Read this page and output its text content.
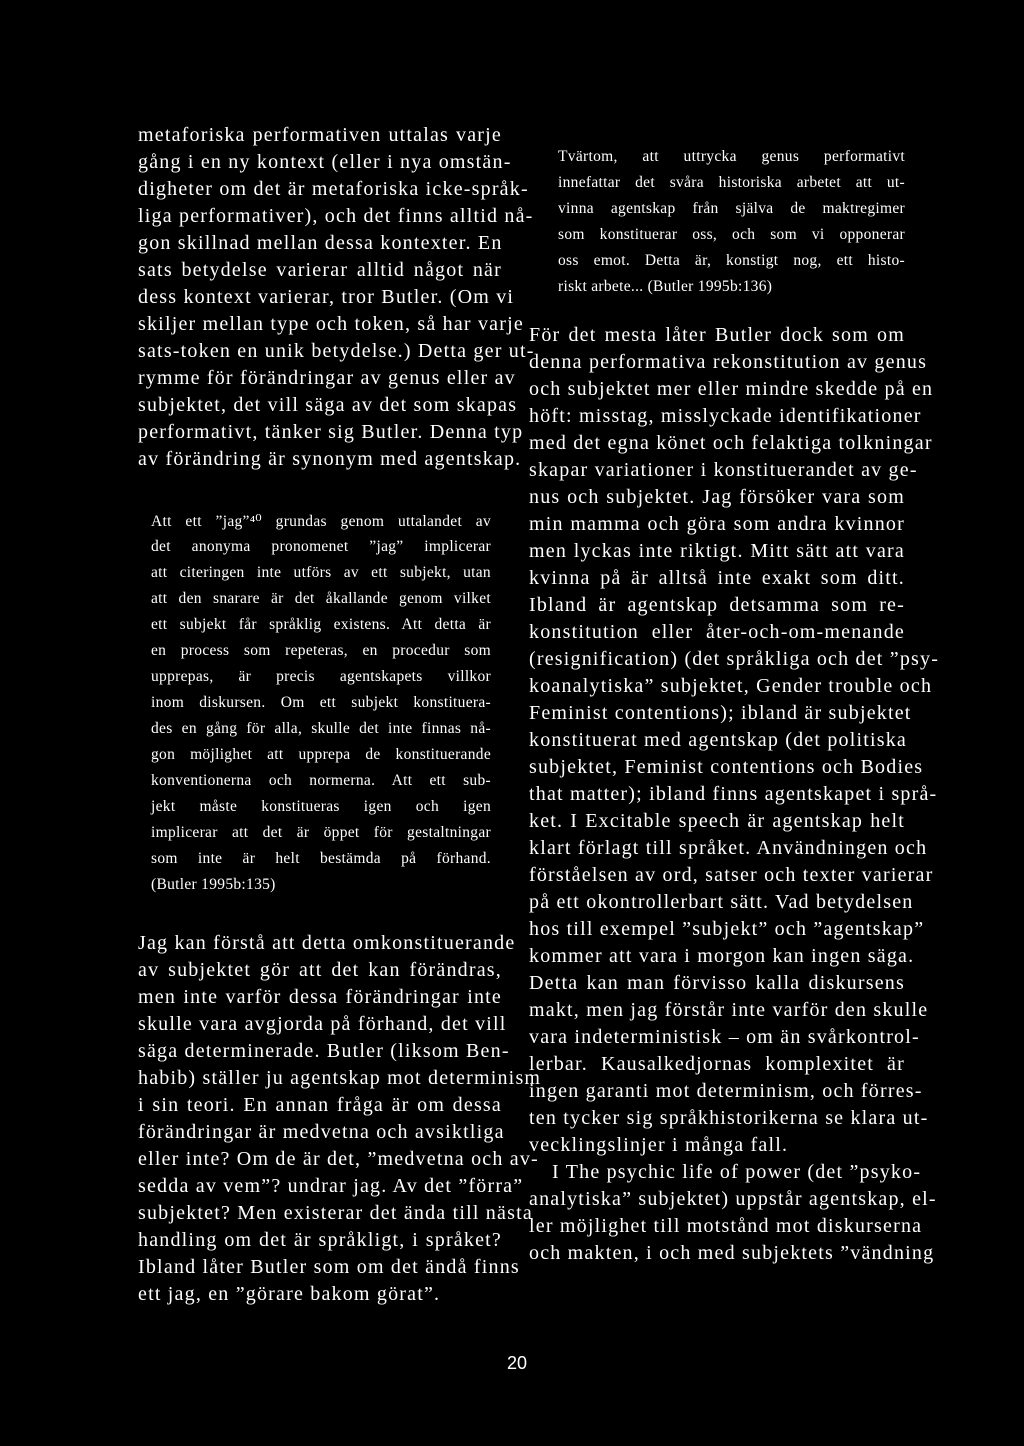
metaforiska performativen uttalas varje
gång i en ny kontext (eller i nya omstän-
digheter om det är metaforiska icke-språk-
liga performativer), och det finns alltid nå-
gon skillnad mellan dessa kontexter. En
sats betydelse varierar alltid något när
dess kontext varierar, tror Butler. (Om vi
skiljer mellan type och token, så har varje
sats-token en unik betydelse.) Detta ger ut-
rymme för förändringar av genus eller av
subjektet, det vill säga av det som skapas
performativt, tänker sig Butler. Denna typ
av förändring är synonym med agentskap.
Att ett ”jag”⁴⁰ grundas genom uttalandet av
det anonyma pronomenet ”jag” implicerar
att citeringen inte utförs av ett subjekt, utan
att den snarare är det åkallande genom vilket
ett subjekt får språklig existens. Att detta är
en process som repeteras, en procedur som
upprepas, är precis agentskapets villkor
inom diskursen. Om ett subjekt konstituera-
des en gång för alla, skulle det inte finnas nå-
gon möjlighet att upprepa de konstituerande
konventionerna och normerna. Att ett sub-
jekt måste konstitueras igen och igen
implicerar att det är öppet för gestaltningar
som inte är helt bestämda på förhand.
(Butler 1995b:135)
Jag kan förstå att detta omkonstituerande
av subjektet gör att det kan förändras,
men inte varför dessa förändringar inte
skulle vara avgjorda på förhand, det vill
säga determinerade. Butler (liksom Ben-
habib) ställer ju agentskap mot determinism
i sin teori. En annan fråga är om dessa
förändringar är medvetna och avsiktliga
eller inte? Om de är det, ”medvetna och av-
sedda av vem”? undrar jag. Av det ”förra”
subjektet? Men existerar det ända till nästa
handling om det är språkligt, i språket?
Ibland låter Butler som om det ändå finns
ett jag, en ”görare bakom görat”.
Tvärtom, att uttrycka genus performativt
innefattar det svåra historiska arbetet att ut-
vinna agentskap från själva de maktregimer
som konstituerar oss, och som vi opponerar
oss emot. Detta är, konstigt nog, ett histo-
riskt arbete... (Butler 1995b:136)
För det mesta låter Butler dock som om
denna performativa rekonstitution av genus
och subjektet mer eller mindre skedde på en
höft: misstag, misslyckade identifikationer
med det egna könet och felaktiga tolkningar
skapar variationer i konstituerandet av ge-
nus och subjektet. Jag försöker vara som
min mamma och göra som andra kvinnor
men lyckas inte riktigt. Mitt sätt att vara
kvinna på är alltså inte exakt som ditt.
Ibland är agentskap detsamma som re-
konstitution eller åter-och-om-menande
(resignification) (det språkliga och det ”psy-
koanalytiska” subjektet, Gender trouble och
Feminist contentions); ibland är subjektet
konstituerat med agentskap (det politiska
subjektet, Feminist contentions och Bodies
that matter); ibland finns agentskapet i språ-
ket. I Excitable speech är agentskap helt
klart förlagt till språket. Användningen och
förståelsen av ord, satser och texter varierar
på ett okontrollerbart sätt. Vad betydelsen
hos till exempel ”subjekt” och ”agentskap”
kommer att vara i morgon kan ingen säga.
Detta kan man förvisso kalla diskursens
makt, men jag förstår inte varför den skulle
vara indeterministisk – om än svårkontrol-
lerbar. Kausalkedjornas komplexitet är
ingen garanti mot determinism, och förres-
ten tycker sig språkhistorikerna se klara ut-
vecklingslinjer i många fall.
I The psychic life of power (det ”psyko-
analytiska” subjektet) uppstår agentskap, el-
ler möjlighet till motstånd mot diskurserna
och makten, i och med subjektets ”vändning
20
